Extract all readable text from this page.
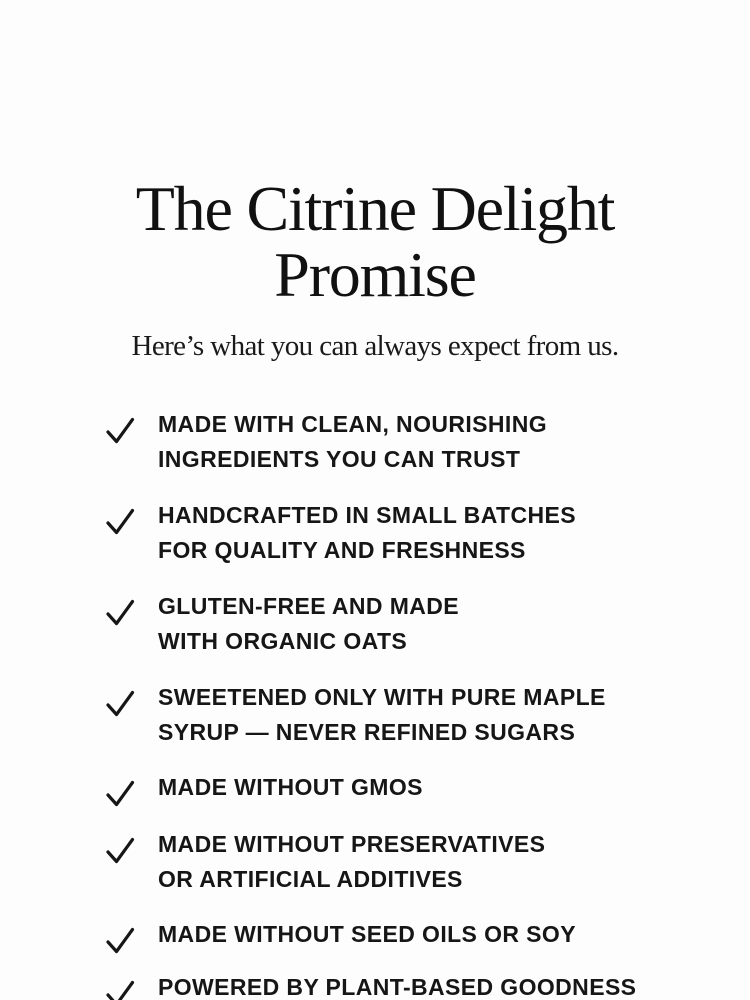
The Citrine Delight
Promise

Here’s what you can always expect from us.

MADE WITH CLEAN, NOURISHING
INGREDIENTS YOU CAN TRUST
HANDCRAFTED IN SMALL BATCHES
FOR QUALITY AND FRESHNESS
GLUTEN-FREE AND MADE
WITH ORGANIC OATS
SWEETENED ONLY WITH PURE MAPLE
SYRUP — NEVER REFINED SUGARS
MADE WITHOUT GMOS
MADE WITHOUT PRESERVATIVES
OR ARTIFICIAL ADDITIVES
MADE WITHOUT SEED OILS OR SOY
POWERED BY PLANT-BASED GOODNESS
